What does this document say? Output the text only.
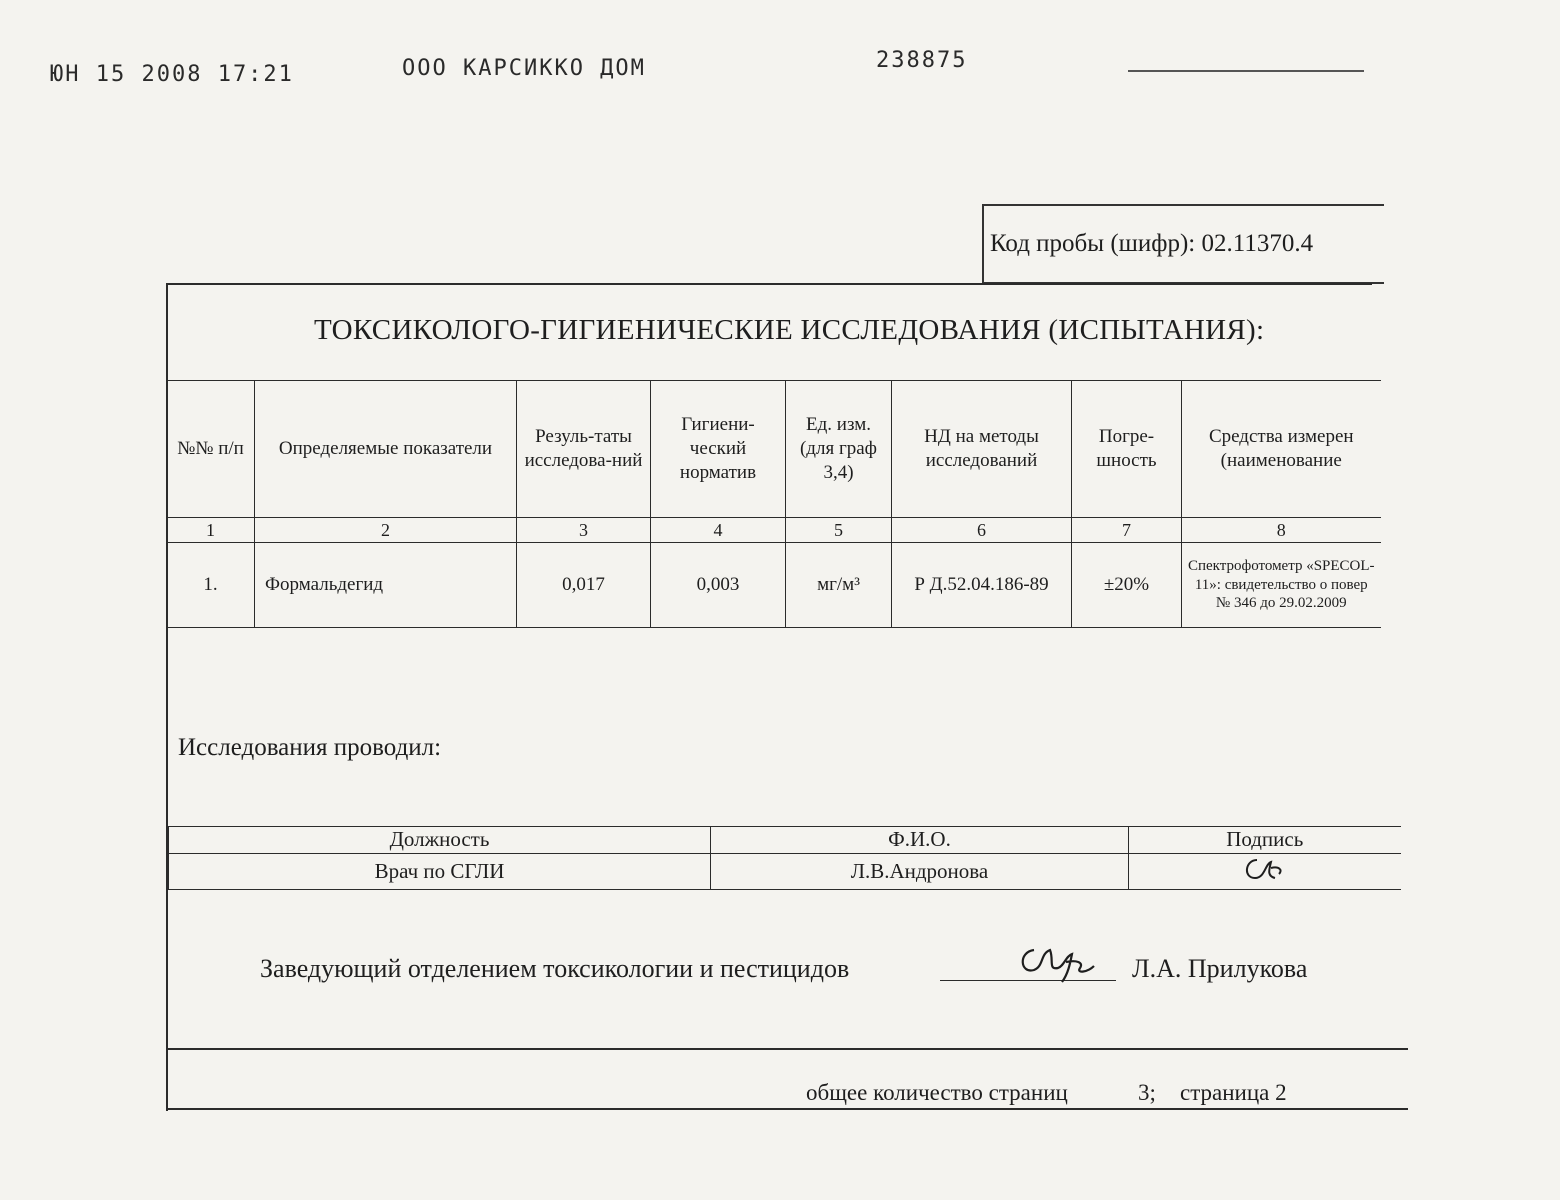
ЮН 15 2008 17:21	ООО КАРСИККО ДОМ	238875
Код пробы (шифр): 02.11370.4
ТОКСИКОЛОГО-ГИГИЕНИЧЕСКИЕ ИССЛЕДОВАНИЯ (ИСПЫТАНИЯ):
№№ п/п	Определяемые показатели	Резуль-таты исследова-ний	Гигиени-ческий норматив	Ед. изм. (для граф 3,4)	НД на методы исследований	Погре-шность	Средства измерен (наименование
1	2	3	4	5	6	7	8
1.	Формальдегид	0,017	0,003	мг/м³	Р Д.52.04.186-89	±20%	Спектрофотометр «SPECOL-11»: свидетельство о повер № 346 до 29.02.2009
Исследования проводил:
Должность	Ф.И.О.	Подпись
Врач по СГЛИ	Л.В.Андронова	
Заведующий отделением токсикологии и пестицидов	Л.А. Прилукова
общее количество страниц	3; страница 2
